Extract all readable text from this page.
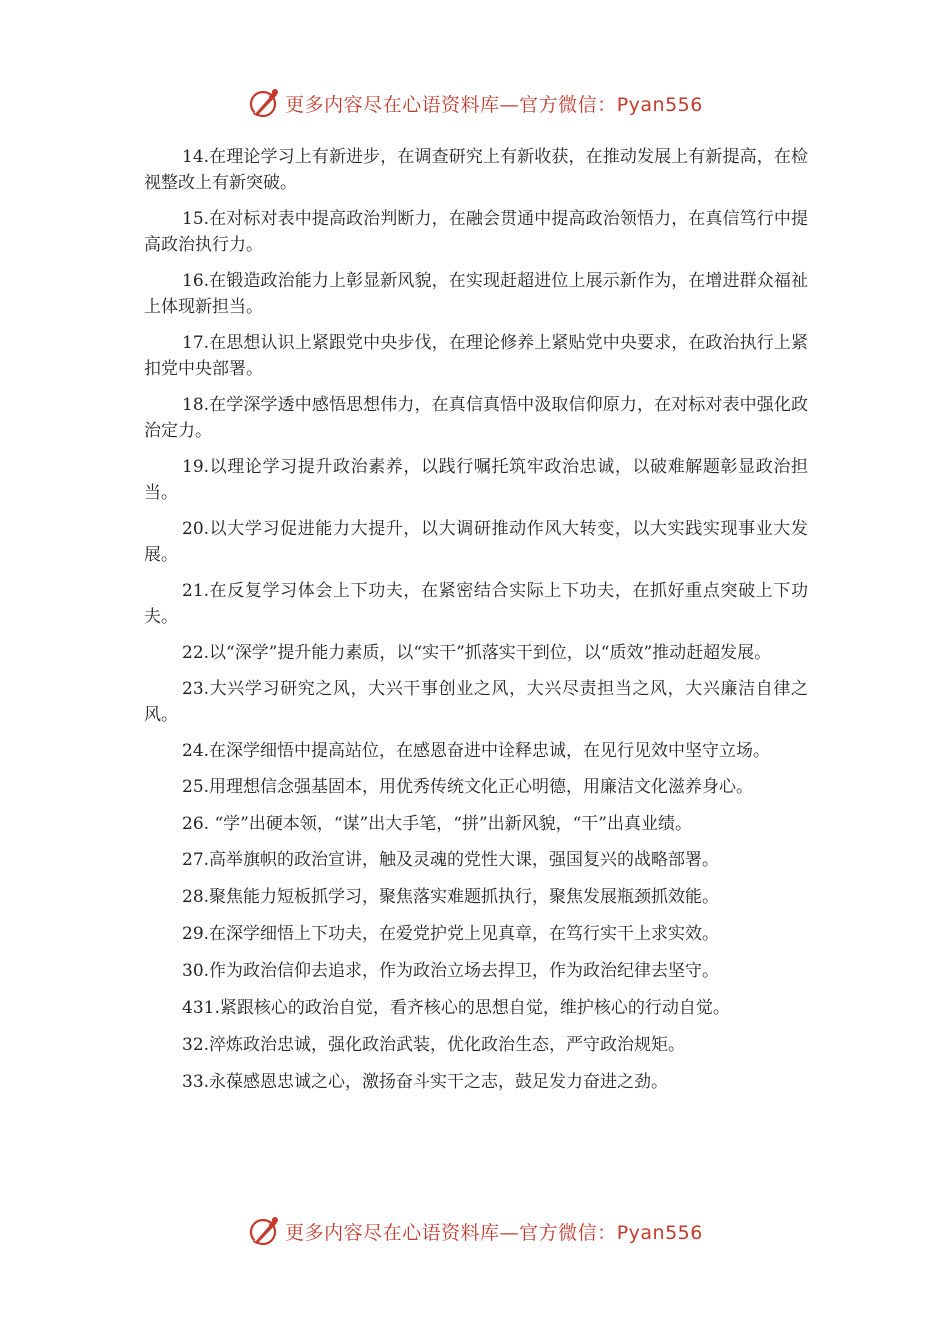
更多内容尽在心语资料库—官方微信：Pyan556

14.在理论学习上有新进步，在调查研究上有新收获，在推动发展上有新提高，在检视整改上有新突破。

15.在对标对表中提高政治判断力，在融会贯通中提高政治领悟力，在真信笃行中提高政治执行力。

16.在锻造政治能力上彰显新风貌，在实现赶超进位上展示新作为，在增进群众福祉上体现新担当。

17.在思想认识上紧跟党中央步伐，在理论修养上紧贴党中央要求，在政治执行上紧扣党中央部署。

18.在学深学透中感悟思想伟力，在真信真悟中汲取信仰原力，在对标对表中强化政治定力。

19.以理论学习提升政治素养，以践行嘱托筑牢政治忠诚，以破难解题彰显政治担当。

20.以大学习促进能力大提升，以大调研推动作风大转变，以大实践实现事业大发展。

21.在反复学习体会上下功夫，在紧密结合实际上下功夫，在抓好重点突破上下功夫。

22.以“深学”提升能力素质，以“实干”抓落实干到位，以“质效”推动赶超发展。

23.大兴学习研究之风，大兴干事创业之风，大兴尽责担当之风，大兴廉洁自律之风。

24.在深学细悟中提高站位，在感恩奋进中诠释忠诚，在见行见效中坚守立场。

25.用理想信念强基固本，用优秀传统文化正心明德，用廉洁文化滋养身心。

26. “学”出硬本领，“谋”出大手笔，“拼”出新风貌，“干”出真业绩。

27.高举旗帜的政治宣讲，触及灵魂的党性大课，强国复兴的战略部署。

28.聚焦能力短板抓学习，聚焦落实难题抓执行，聚焦发展瓶颈抓效能。

29.在深学细悟上下功夫，在爱党护党上见真章，在笃行实干上求实效。

30.作为政治信仰去追求，作为政治立场去捍卫，作为政治纪律去坚守。

431.紧跟核心的政治自觉，看齐核心的思想自觉，维护核心的行动自觉。

32.淬炼政治忠诚，强化政治武装，优化政治生态，严守政治规矩。

33.永葆感恩忠诚之心，激扬奋斗实干之志，鼓足发力奋进之劲。

更多内容尽在心语资料库—官方微信：Pyan556
